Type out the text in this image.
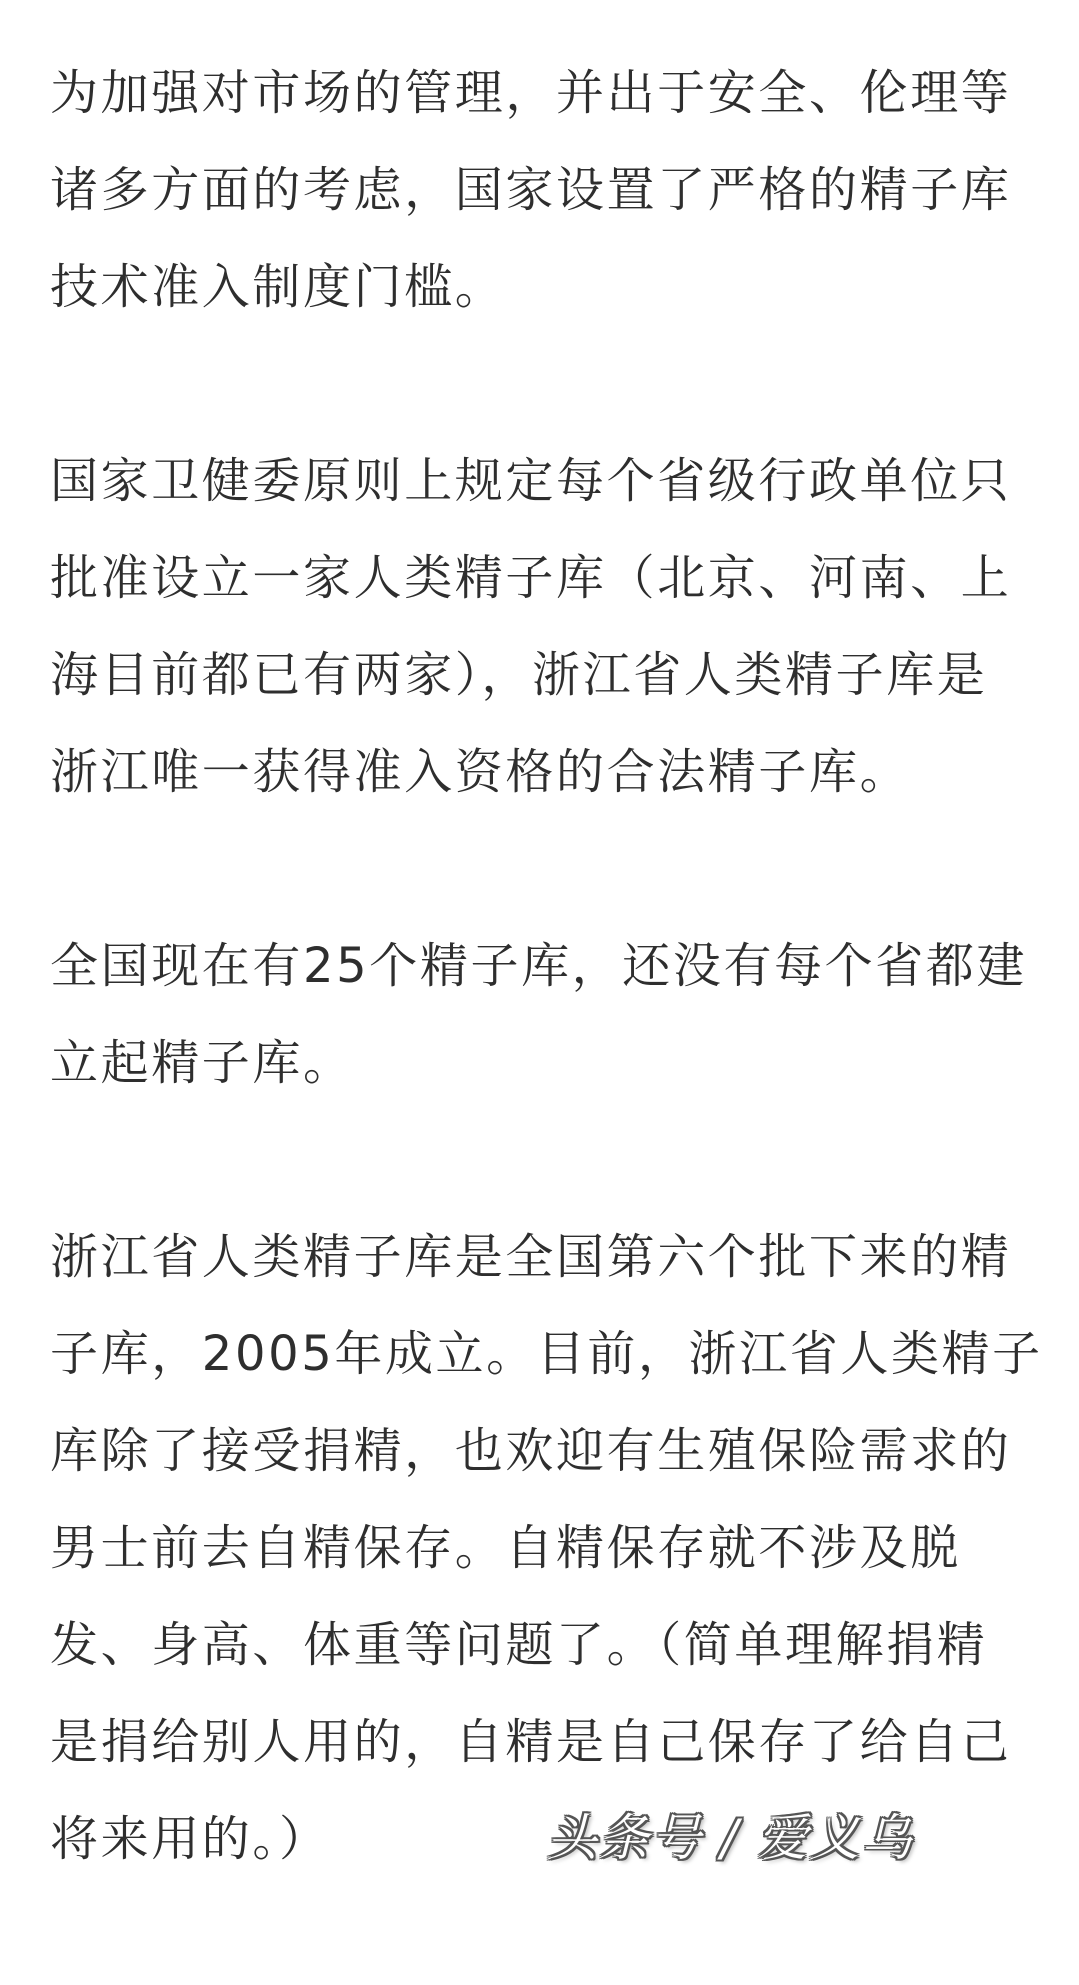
为加强对市场的管理，并出于安全、伦理等
诸多方面的考虑，国家设置了严格的精子库
技术准入制度门槛。
国家卫健委原则上规定每个省级行政单位只
批准设立一家人类精子库（北京、河南、上
海目前都已有两家），浙江省人类精子库是
浙江唯一获得准入资格的合法精子库。
全国现在有25个精子库，还没有每个省都建
立起精子库。
浙江省人类精子库是全国第六个批下来的精
子库，2005年成立。目前，浙江省人类精子
库除了接受捐精，也欢迎有生殖保险需求的
男士前去自精保存。自精保存就不涉及脱
发、身高、体重等问题了。（简单理解捐精
是捐给别人用的，自精是自己保存了给自己
将来用的。）	头条号 / 爱义乌
